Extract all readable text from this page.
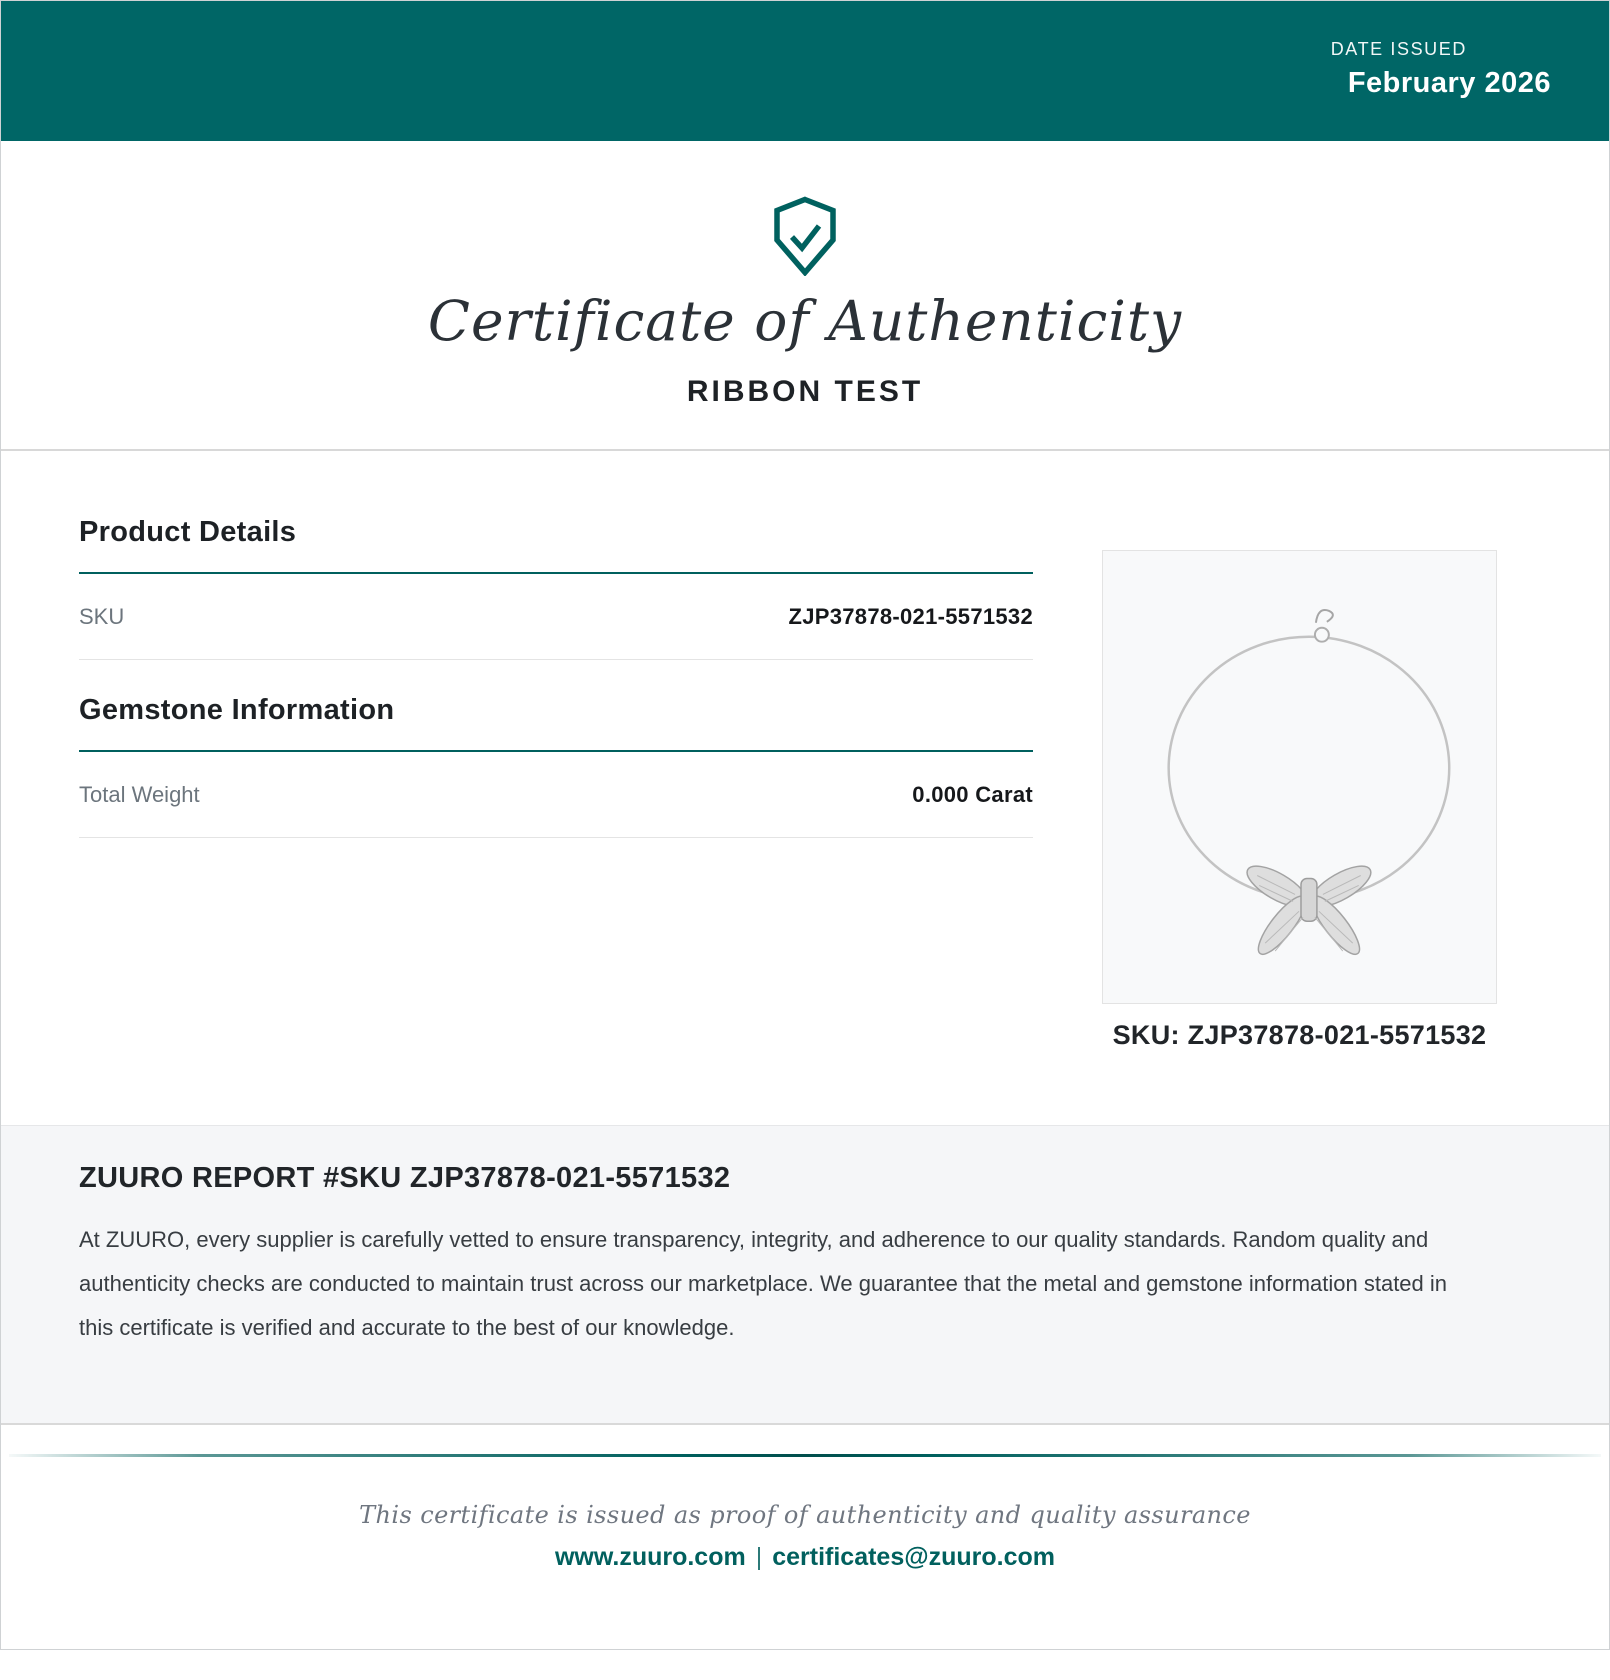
DATE ISSUED
February 2026
Certificate of Authenticity
RIBBON TEST
Product Details
SKU	ZJP37878-021-5571532
Gemstone Information
Total Weight	0.000 Carat
SKU: ZJP37878-021-5571532
ZUURO REPORT #SKU ZJP37878-021-5571532

At ZUURO, every supplier is carefully vetted to ensure transparency, integrity, and adherence to our quality standards. Random quality and authenticity checks are conducted to maintain trust across our marketplace. We guarantee that the metal and gemstone information stated in this certificate is verified and accurate to the best of our knowledge.

This certificate is issued as proof of authenticity and quality assurance
www.zuuro.com | certificates@zuuro.com
